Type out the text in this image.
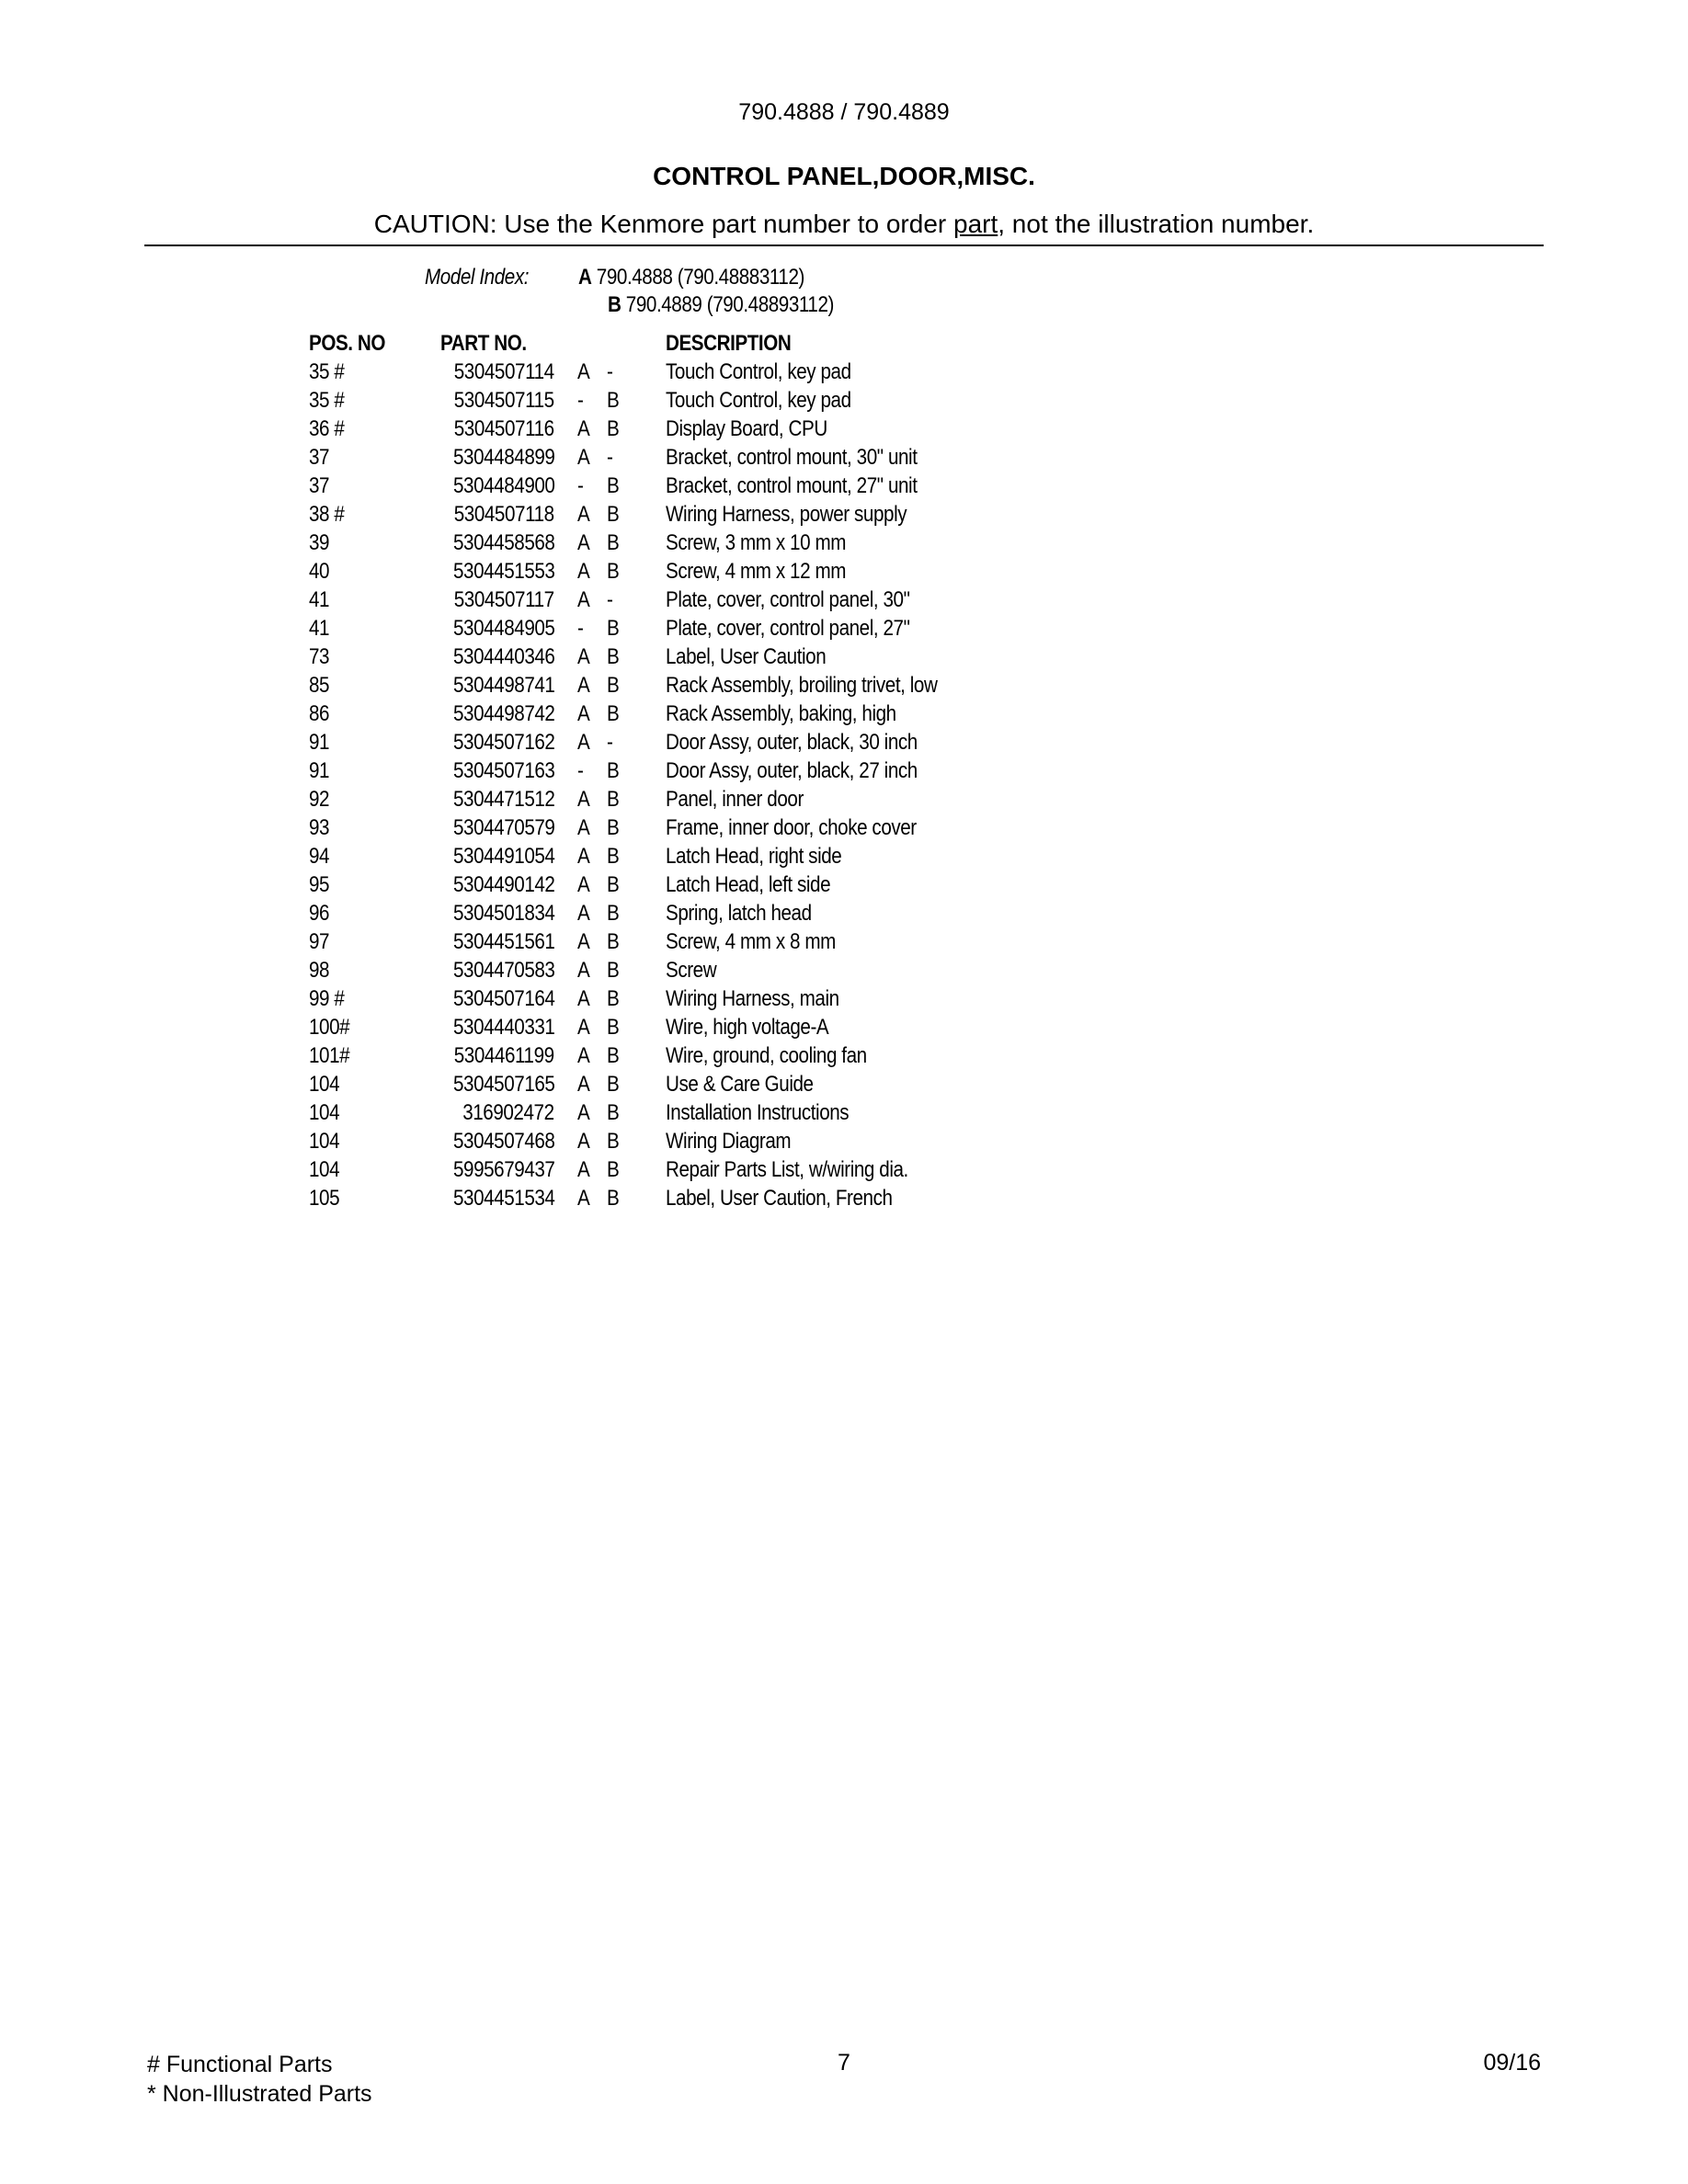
790.4888 / 790.4889
CONTROL PANEL,DOOR,MISC.
CAUTION: Use the Kenmore part number to order part, not the illustration number.
Model Index: A 790.4888 (790.48883112)
B 790.4889 (790.48893112)
POS. NO PART NO.	DESCRIPTION
35 #	5304507114 A - Touch Control, key pad
35 #	5304507115 - B Touch Control, key pad
36 #	5304507116 A B Display Board, CPU
37	5304484899 A - Bracket, control mount, 30" unit
37	5304484900 - B Bracket, control mount, 27" unit
38 #	5304507118 A B Wiring Harness, power supply
39	5304458568 A B Screw, 3 mm x 10 mm
40	5304451553 A B Screw, 4 mm x 12 mm
41	5304507117 A - Plate, cover, control panel, 30"
41	5304484905 - B Plate, cover, control panel, 27"
73	5304440346 A B Label, User Caution
85	5304498741 A B Rack Assembly, broiling trivet, low
86	5304498742 A B Rack Assembly, baking, high
91	5304507162 A - Door Assy, outer, black, 30 inch
91	5304507163 - B Door Assy, outer, black, 27 inch
92	5304471512 A B Panel, inner door
93	5304470579 A B Frame, inner door, choke cover
94	5304491054 A B Latch Head, right side
95	5304490142 A B Latch Head, left side
96	5304501834 A B Spring, latch head
97	5304451561 A B Screw, 4 mm x 8 mm
98	5304470583 A B Screw
99 #	5304507164 A B Wiring Harness, main
100#	5304440331 A B Wire, high voltage-A
101#	5304461199 A B Wire, ground, cooling fan
104	5304507165 A B Use & Care Guide
104	316902472 A B Installation Instructions
104	5304507468 A B Wiring Diagram
104	5995679437 A B Repair Parts List, w/wiring dia.
105	5304451534 A B Label, User Caution, French
# Functional Parts
* Non-Illustrated Parts
7	09/16
